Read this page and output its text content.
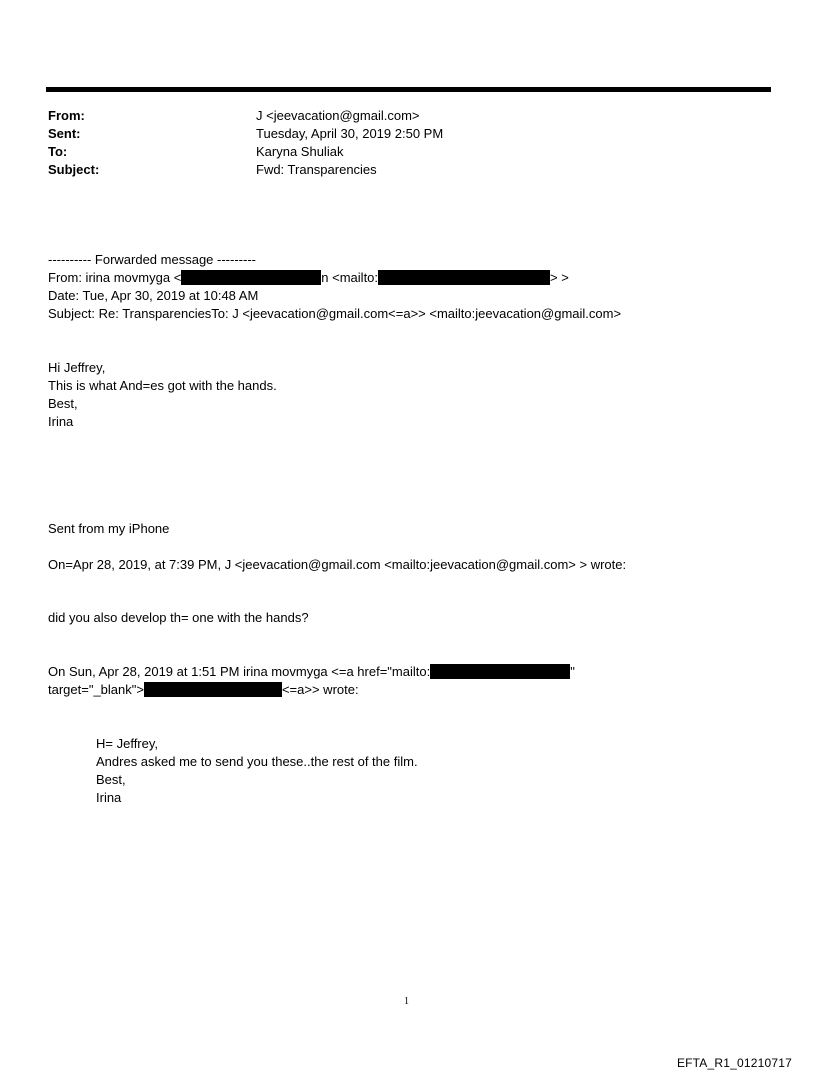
From:	J <jeevacation@gmail.com>
Sent:	Tuesday, April 30, 2019 2:50 PM
To:	Karyna Shuliak
Subject:	Fwd: Transparencies
---------- Forwarded message ---------
From: irina movmyga <	n <mailto:	> >
Date: Tue, Apr 30, 2019 at 10:48 AM
Subject: Re: TransparenciesTo: J <jeevacation@gmail.com<=a>> <mailto:jeevacation@gmail.com>
Hi Jeffrey,
This is what And=es got with the hands.
Best,
Irina
Sent from my iPhone
On=Apr 28, 2019, at 7:39 PM, J <jeevacation@gmail.com <mailto:jeevacation@gmail.com> > wrote:
did you also develop th= one with the hands?
On Sun, Apr 28, 2019 at 1:51 PM irina movmyga <=a href="mailto:	"
target="_blank">	<=a>> wrote:
H= Jeffrey,
Andres asked me to send you these..the rest of the film.
Best,
Irina
1
EFTA_R1_01210717
